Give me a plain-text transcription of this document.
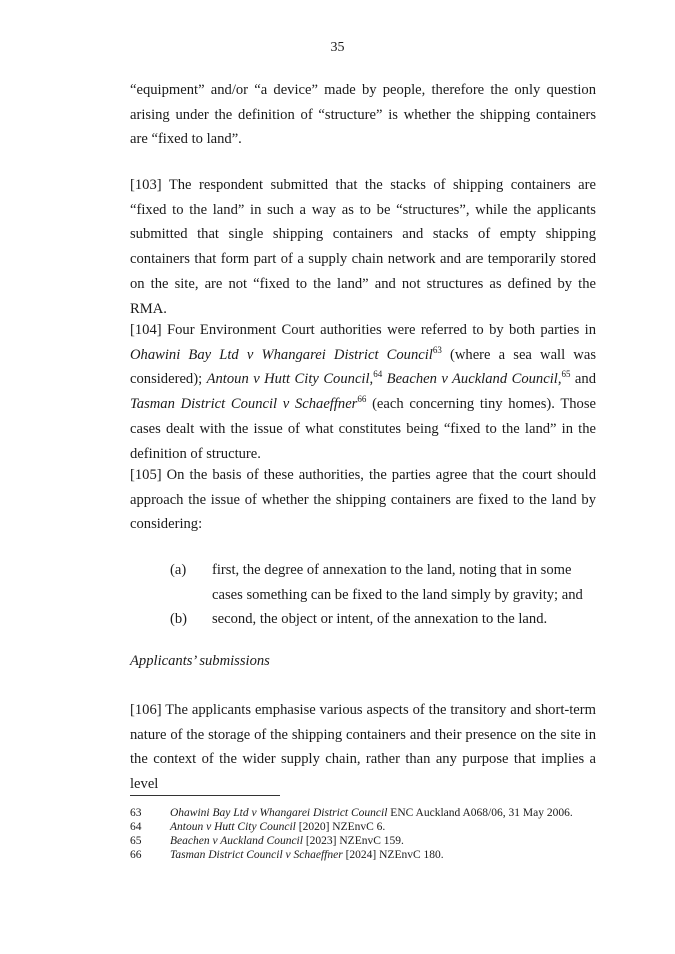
35

“equipment” and/or “a device” made by people, therefore the only question arising under the definition of “structure” is whether the shipping containers are “fixed to land”.

[103] The respondent submitted that the stacks of shipping containers are “fixed to the land” in such a way as to be “structures”, while the applicants submitted that single shipping containers and stacks of empty shipping containers that form part of a supply chain network and are temporarily stored on the site, are not “fixed to the land” and not structures as defined by the RMA.

[104] Four Environment Court authorities were referred to by both parties in Ohawini Bay Ltd v Whangarei District Council$^{63}$ (where a sea wall was considered); Antoun v Hutt City Council,$^{64}$ Beachen v Auckland Council,$^{65}$ and Tasman District Council v Schaeffner$^{66}$ (each concerning tiny homes). Those cases dealt with the issue of what constitutes being “fixed to the land” in the definition of structure.

[105] On the basis of these authorities, the parties agree that the court should approach the issue of whether the shipping containers are fixed to the land by considering:

(a)	first, the degree of annexation to the land, noting that in some cases something can be fixed to the land simply by gravity; and
(b)	second, the object or intent, of the annexation to the land.
Applicants’ submissions

[106] The applicants emphasise various aspects of the transitory and short-term nature of the storage of the shipping containers and their presence on the site in the context of the wider supply chain, rather than any purpose that implies a level

63	Ohawini Bay Ltd v Whangarei District Council ENC Auckland A068/06, 31 May 2006.
64	Antoun v Hutt City Council [2020] NZEnvC 6.
65	Beachen v Auckland Council [2023] NZEnvC 159.
66	Tasman District Council v Schaeffner [2024] NZEnvC 180.
